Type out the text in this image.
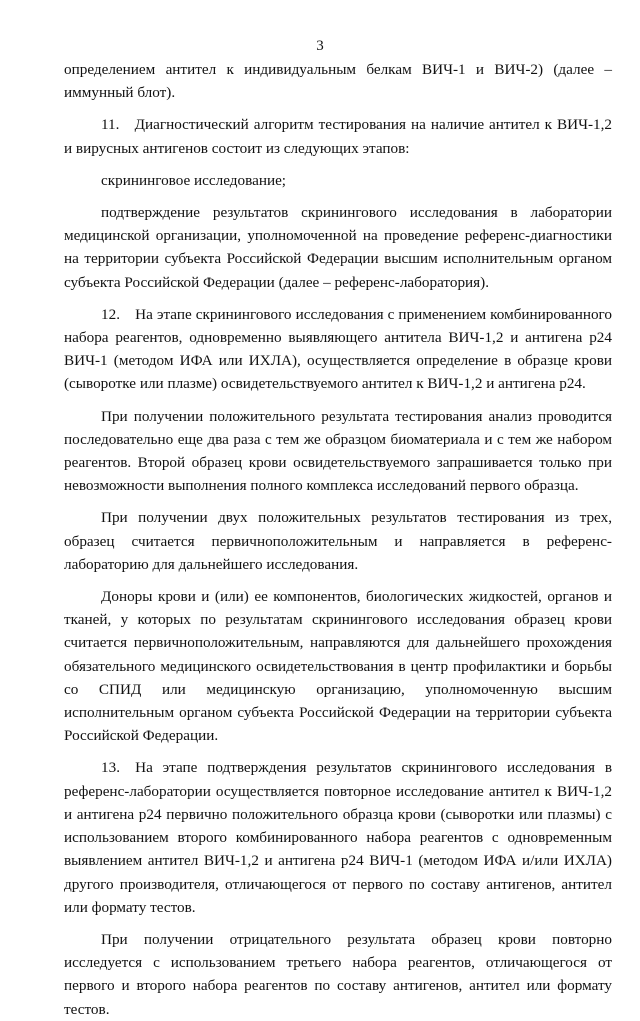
3

определением антител к индивидуальным белкам ВИЧ-1 и ВИЧ-2) (далее – иммунный блот).

11. Диагностический алгоритм тестирования на наличие антител к ВИЧ-1,2 и вирусных антигенов состоит из следующих этапов:

скрининговое исследование;

подтверждение результатов скринингового исследования в лаборатории медицинской организации, уполномоченной на проведение референс-диагностики на территории субъекта Российской Федерации высшим исполнительным органом субъекта Российской Федерации (далее – референс-лаборатория).

12. На этапе скринингового исследования с применением комбинированного набора реагентов, одновременно выявляющего антитела ВИЧ-1,2 и антигена р24 ВИЧ-1 (методом ИФА или ИХЛА), осуществляется определение в образце крови (сыворотке или плазме) освидетельствуемого антител к ВИЧ-1,2 и антигена р24.

При получении положительного результата тестирования анализ проводится последовательно еще два раза с тем же образцом биоматериала и с тем же набором реагентов. Второй образец крови освидетельствуемого запрашивается только при невозможности выполнения полного комплекса исследований первого образца.

При получении двух положительных результатов тестирования из трех, образец считается первичноположительным и направляется в референс-лабораторию для дальнейшего исследования.

Доноры крови и (или) ее компонентов, биологических жидкостей, органов и тканей, у которых по результатам скринингового исследования образец крови считается первичноположительным, направляются для дальнейшего прохождения обязательного медицинского освидетельствования в центр профилактики и борьбы со СПИД или медицинскую организацию, уполномоченную высшим исполнительным органом субъекта Российской Федерации на территории субъекта Российской Федерации.

13. На этапе подтверждения результатов скринингового исследования в референс-лаборатории осуществляется повторное исследование антител к ВИЧ-1,2 и антигена р24 первично положительного образца крови (сыворотки или плазмы) с использованием второго комбинированного набора реагентов с одновременным выявлением антител ВИЧ-1,2 и антигена р24 ВИЧ-1 (методом ИФА и/или ИХЛА) другого производителя, отличающегося от первого по составу антигенов, антител или формату тестов.

При получении отрицательного результата образец крови повторно исследуется с использованием третьего набора реагентов, отличающегося от первого и второго набора реагентов по составу антигенов, антител или формату тестов.
